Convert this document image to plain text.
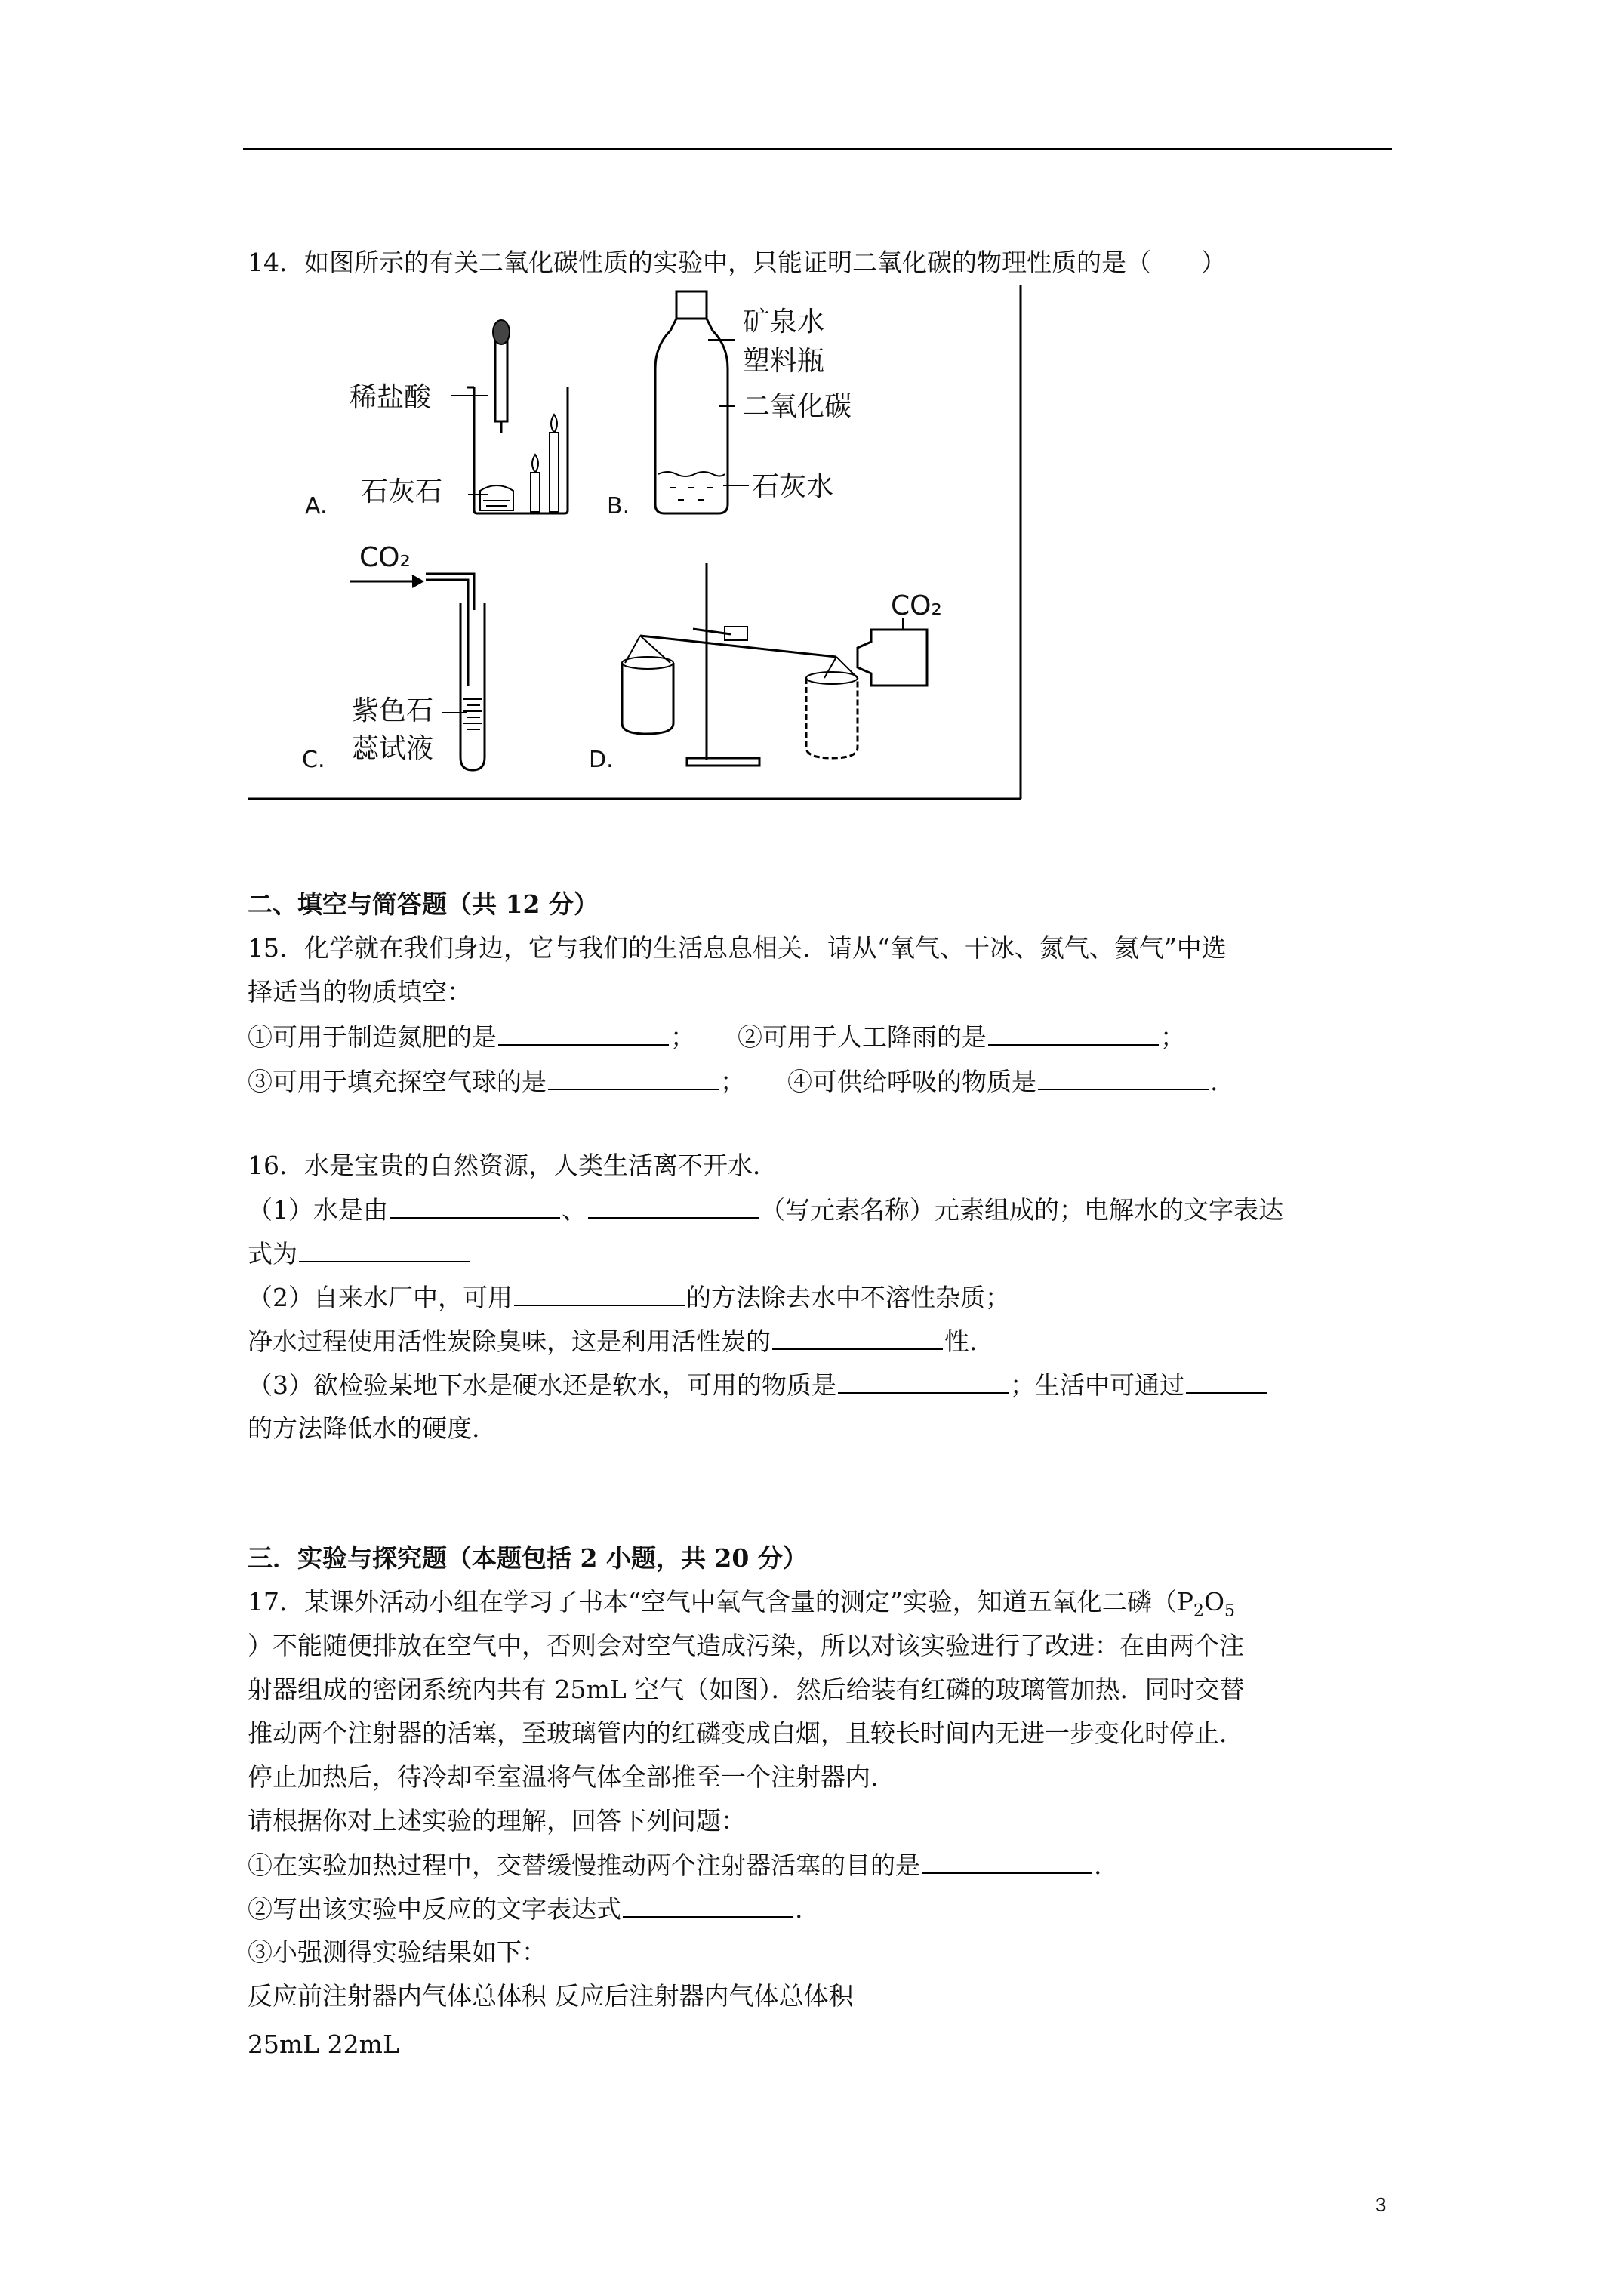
14．如图所示的有关二氧化碳性质的实验中，只能证明二氧化碳的物理性质的是（　　）
稀盐酸
石灰石
A.
矿泉水
塑料瓶
二氧化碳
石灰水
B.
CO₂
紫色石
蕊试液
C.
CO₂
D.
二、填空与简答题（共 12 分）
15．化学就在我们身边，它与我们的生活息息相关．请从“氧气、干冰、氮气、氦气”中选
择适当的物质填空：
①可用于制造氮肥的是	； ②可用于人工降雨的是	；
③可用于填充探空气球的是	； ④可供给呼吸的物质是	.
16．水是宝贵的自然资源，人类生活离不开水．
（1）水是由	、	（写元素名称）元素组成的；电解水的文字表达
式为
（2）自来水厂中，可用	的方法除去水中不溶性杂质；
净水过程使用活性炭除臭味，这是利用活性炭的	性.
（3）欲检验某地下水是硬水还是软水，可用的物质是	；生活中可通过
的方法降低水的硬度.
三．实验与探究题（本题包括 2 小题，共 20 分）
17．某课外活动小组在学习了书本“空气中氧气含量的测定”实验，知道五氧化二磷（$P_2O_5$
）不能随便排放在空气中，否则会对空气造成污染，所以对该实验进行了改进：在由两个注
射器组成的密闭系统内共有 25mL 空气（如图）．然后给装有红磷的玻璃管加热．同时交替
推动两个注射器的活塞，至玻璃管内的红磷变成白烟，且较长时间内无进一步变化时停止．
停止加热后，待冷却至室温将气体全部推至一个注射器内．
请根据你对上述实验的理解，回答下列问题：
①在实验加热过程中，交替缓慢推动两个注射器活塞的目的是	.
②写出该实验中反应的文字表达式	.
③小强测得实验结果如下：
反应前注射器内气体总体积 反应后注射器内气体总体积
25mL 22mL
3
